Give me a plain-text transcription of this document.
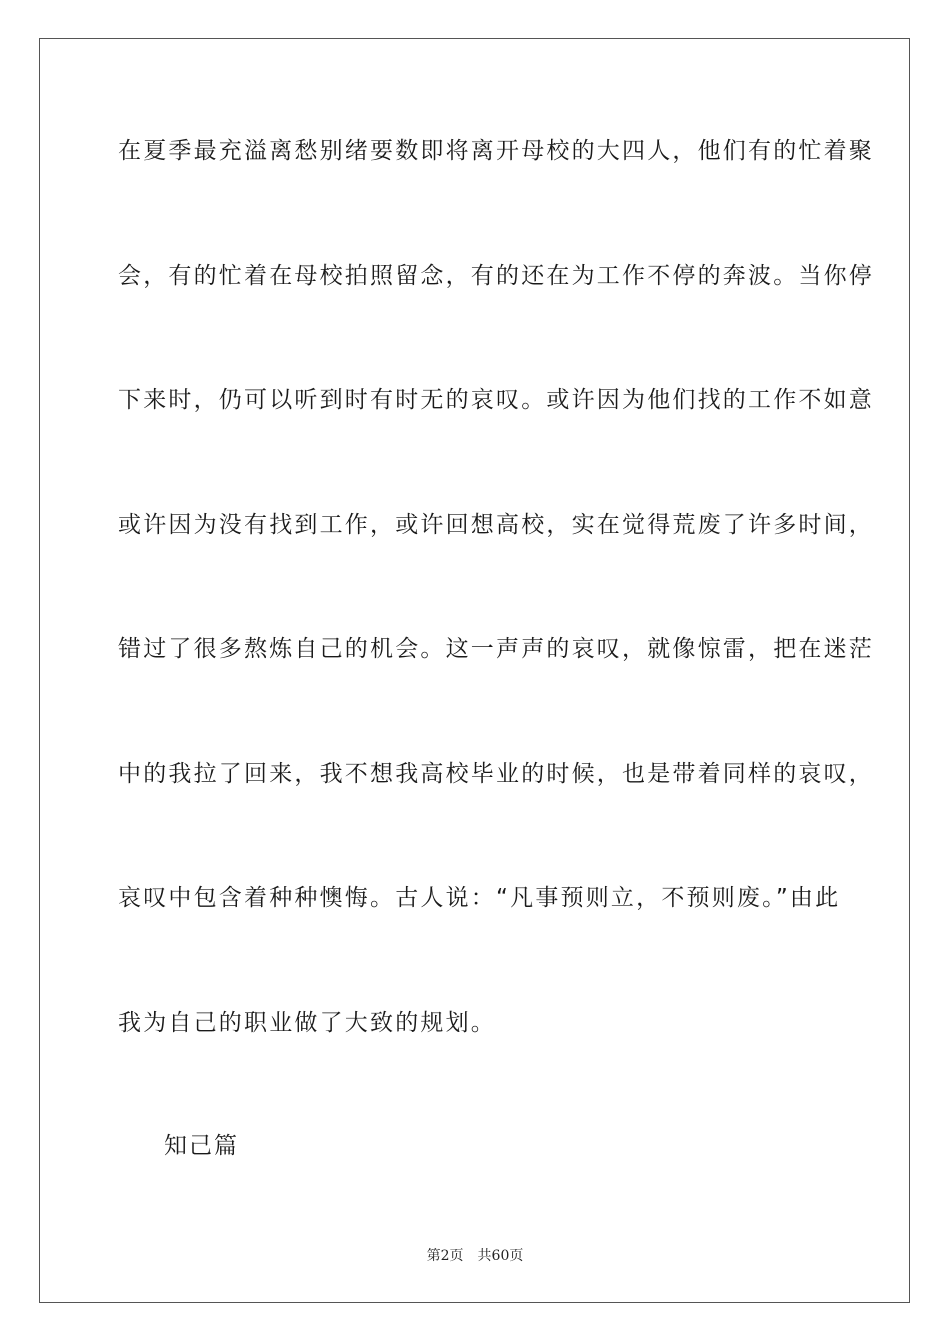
在夏季最充溢离愁别绪要数即将离开母校的大四人，他们有的忙着聚
会，有的忙着在母校拍照留念，有的还在为工作不停的奔波。当你停
下来时，仍可以听到时有时无的哀叹。或许因为他们找的工作不如意
或许因为没有找到工作，或许回想高校，实在觉得荒废了许多时间，
错过了很多熬炼自己的机会。这一声声的哀叹，就像惊雷，把在迷茫
中的我拉了回来，我不想我高校毕业的时候，也是带着同样的哀叹，
哀叹中包含着种种懊悔。古人说：“凡事预则立，不预则废。”由此
我为自己的职业做了大致的规划。
知己篇
第2页　共60页
